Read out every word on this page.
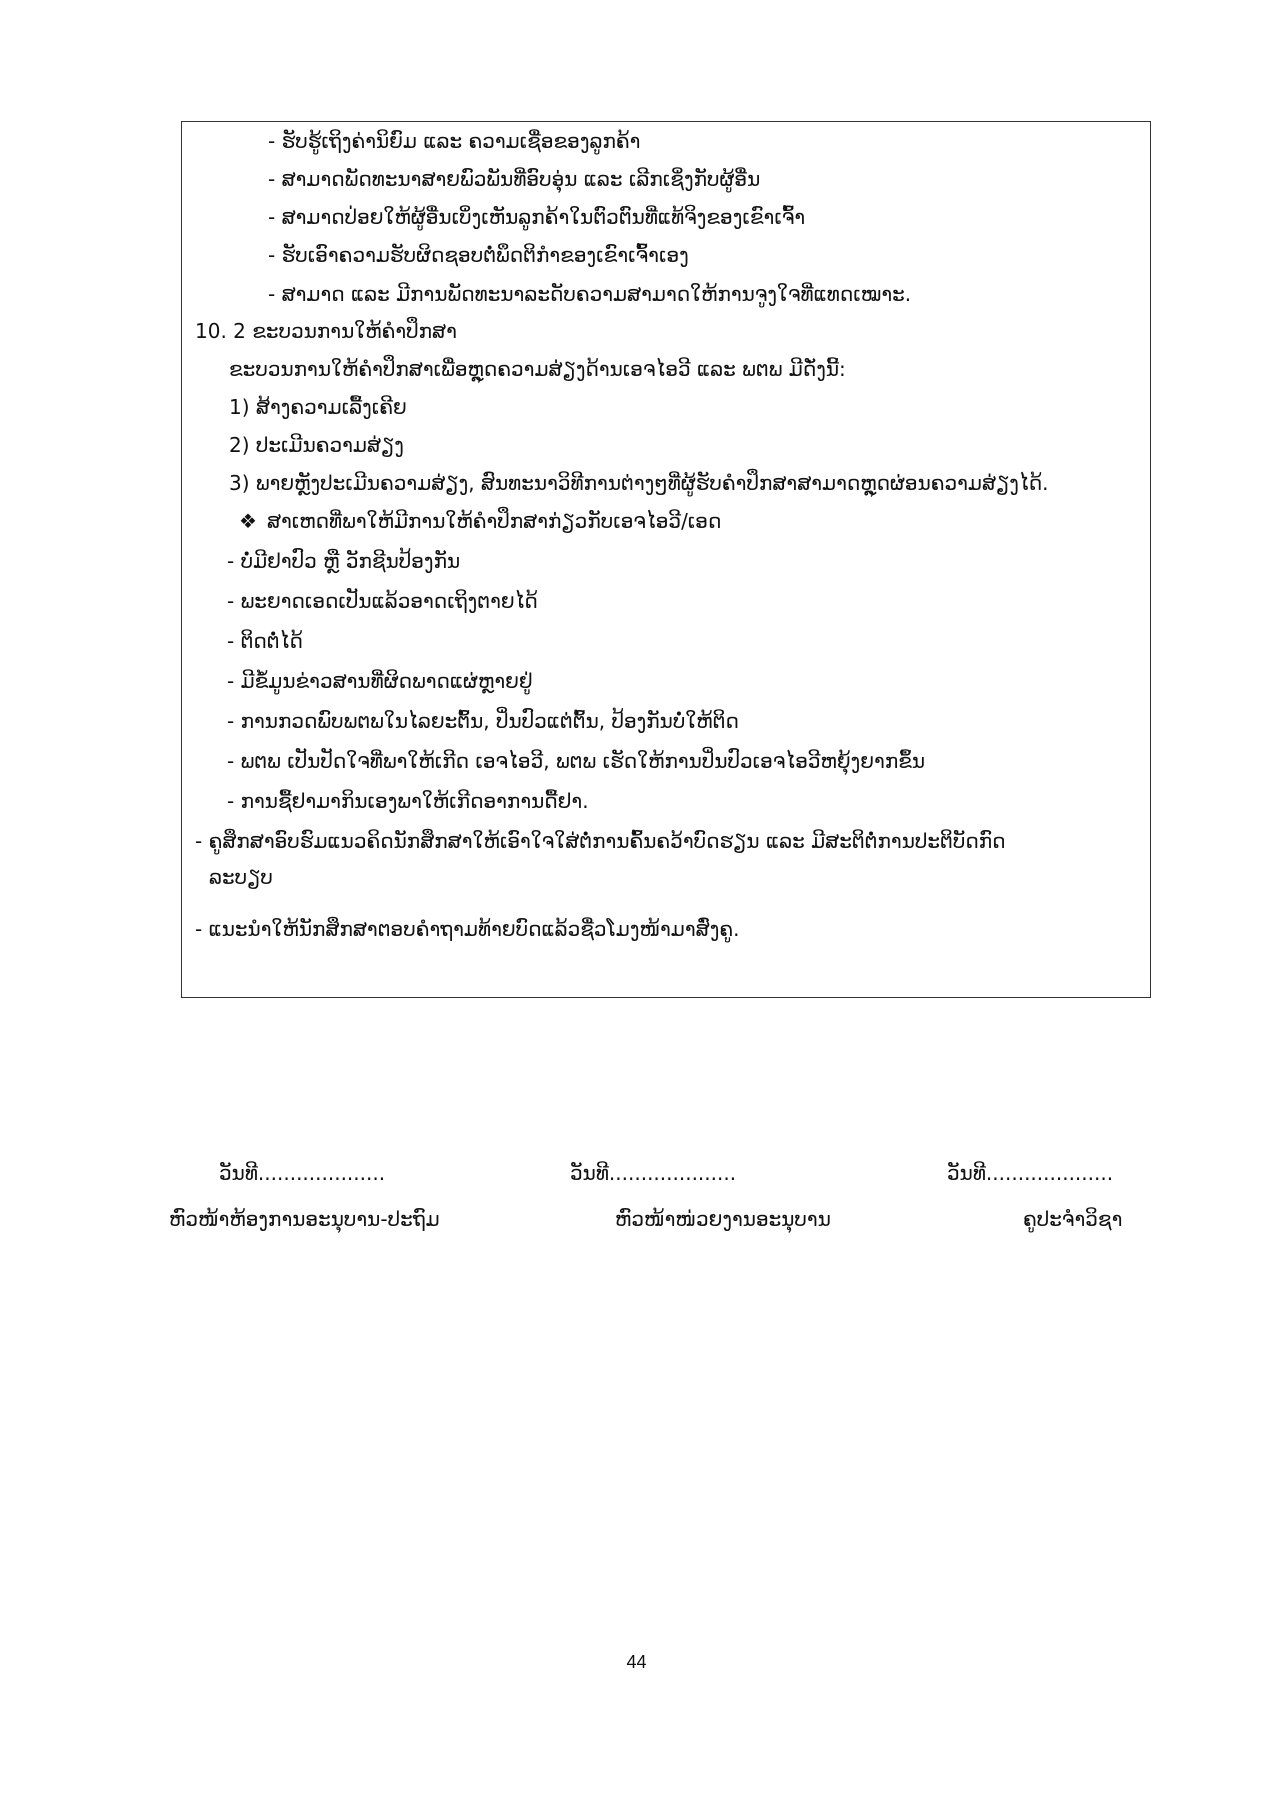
- ຮັບຮູ້ເຖິງຄ່ານິຍົມ ແລະ ຄວາມເຊື່ອຂອງລູກຄ້າ
- ສາມາດພັດທະນາສາຍພົວພັນທີ່ອົບອຸ່ນ ແລະ ເລີກເຊິ່ງກັບຜູ້ອື່ນ
- ສາມາດປ່ອຍໃຫ້ຜູ້ອື່ນເບິ່ງເຫັນລູກຄ້າໃນຕົວຕົນທີ່ແທ້ຈິງຂອງເຂົາເຈົ້າ
- ຮັບເອົາຄວາມຮັບຜິດຊອບຕໍ່ພຶດຕິກຳຂອງເຂົາເຈົ້າເອງ
- ສາມາດ ແລະ ມີການພັດທະນາລະດັບຄວາມສາມາດໃຫ້ການຈູງໃຈທີ່ແທດເໝາະ.
10. 2 ຂະບວນການໃຫ້ຄຳປຶກສາ
ຂະບວນການໃຫ້ຄຳປຶກສາເພື່ອຫຼຸດຄວາມສ່ຽງດ້ານເອຈໄອວີ ແລະ ພຕພ ມີດັ່ງນີ້:
1) ສ້າງຄວາມເລື້ງເຄີຍ
2) ປະເມີນຄວາມສ່ຽງ
3) ພາຍຫຼັງປະເມີນຄວາມສ່ຽງ, ສົນທະນາວິທີການຕ່າງໆທີ່ຜູ້ຮັບຄຳປຶກສາສາມາດຫຼຸດຜ່ອນຄວາມສ່ຽງໄດ້.
❖ ສາເຫດທີ່ພາໃຫ້ມີການໃຫ້ຄຳປຶກສາກ່ຽວກັບເອຈໄອວີ/ເອດ
- ບໍ່ມີຢາປົວ ຫຼື ວັກຊີນປ້ອງກັນ
- ພະຍາດເອດເປັນແລ້ວອາດເຖິງຕາຍໄດ້
- ຕິດຕໍ່ໄດ້
- ມີຂໍ້ມູນຂ່າວສານທີ່ຜິດພາດແຜ່ຫຼາຍຢູ່
- ການກວດພົບພຕພໃນໄລຍະຕົ້ນ, ປິ່ນປົວແຕ່ຕົ້ນ, ປ້ອງກັນບໍ່ໃຫ້ຕິດ
- ພຕພ ເປັນປັດໃຈທີ່ພາໃຫ້ເກີດ ເອຈໄອວີ, ພຕພ ເຮັດໃຫ້ການປິ່ນປົວເອຈໄອວີຫຍຸ້ງຍາກຂຶ້ນ
- ການຊື້ຢາມາກິນເອງພາໃຫ້ເກີດອາການດື້ຢາ.
- ຄູສຶກສາອົບຮົມແນວຄິດນັກສຶກສາໃຫ້ເອົາໃຈໃສ່ຕໍ່ການຄົ້ນຄວ້າບົດຮຽນ ແລະ ມີສະຕິຕໍ່ການປະຕິບັດກົດ
ລະບຽບ
- ແນະນຳໃຫ້ນັກສຶກສາຕອບຄຳຖາມທ້າຍບົດແລ້ວຊື່ວໂມງໜ້າມາສົ່ງຄູ.
ວັນທີ....................	ວັນທີ....................	ວັນທີ....................
ຫົວໜ້າຫ້ອງການອະນຸບານ-ປະຖົມ	ຫົວໜ້າໜ່ວຍງານອະນຸບານ	ຄູປະຈຳວິຊາ
44
